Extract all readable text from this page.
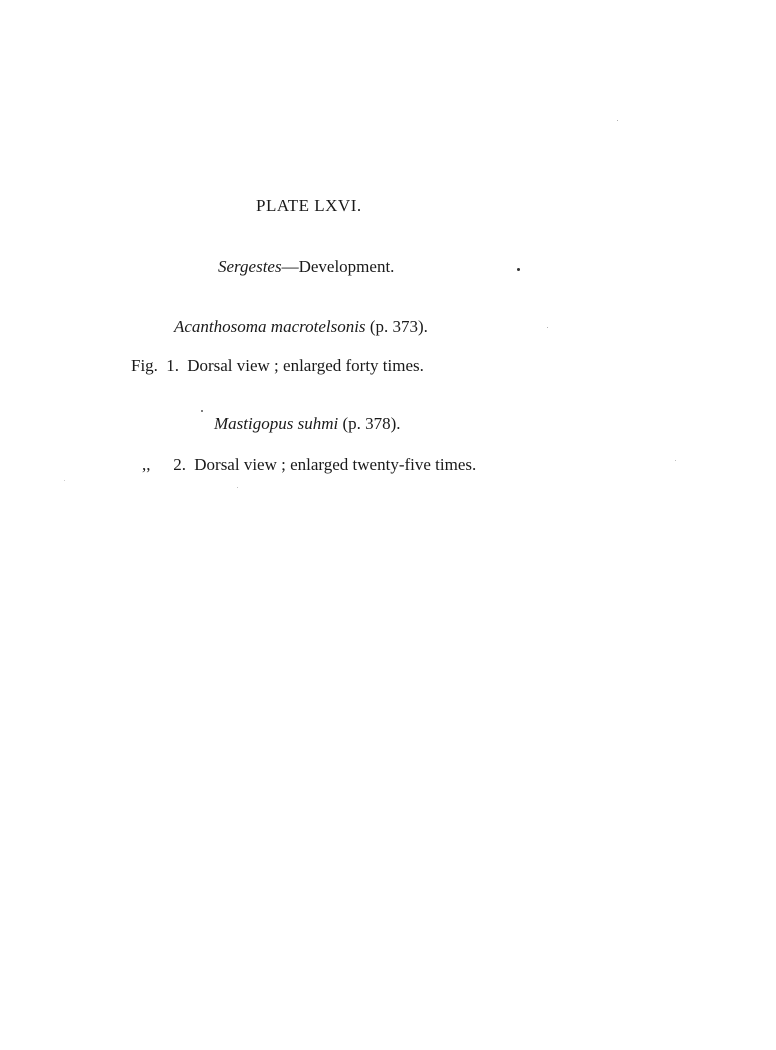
PLATE LXVI.
Sergestes—Development.
Acanthosoma macrotelsonis (p. 373).
Fig. 1. Dorsal view ; enlarged forty times.
Mastigopus suhmi (p. 378).
,, 2. Dorsal view ; enlarged twenty-five times.
